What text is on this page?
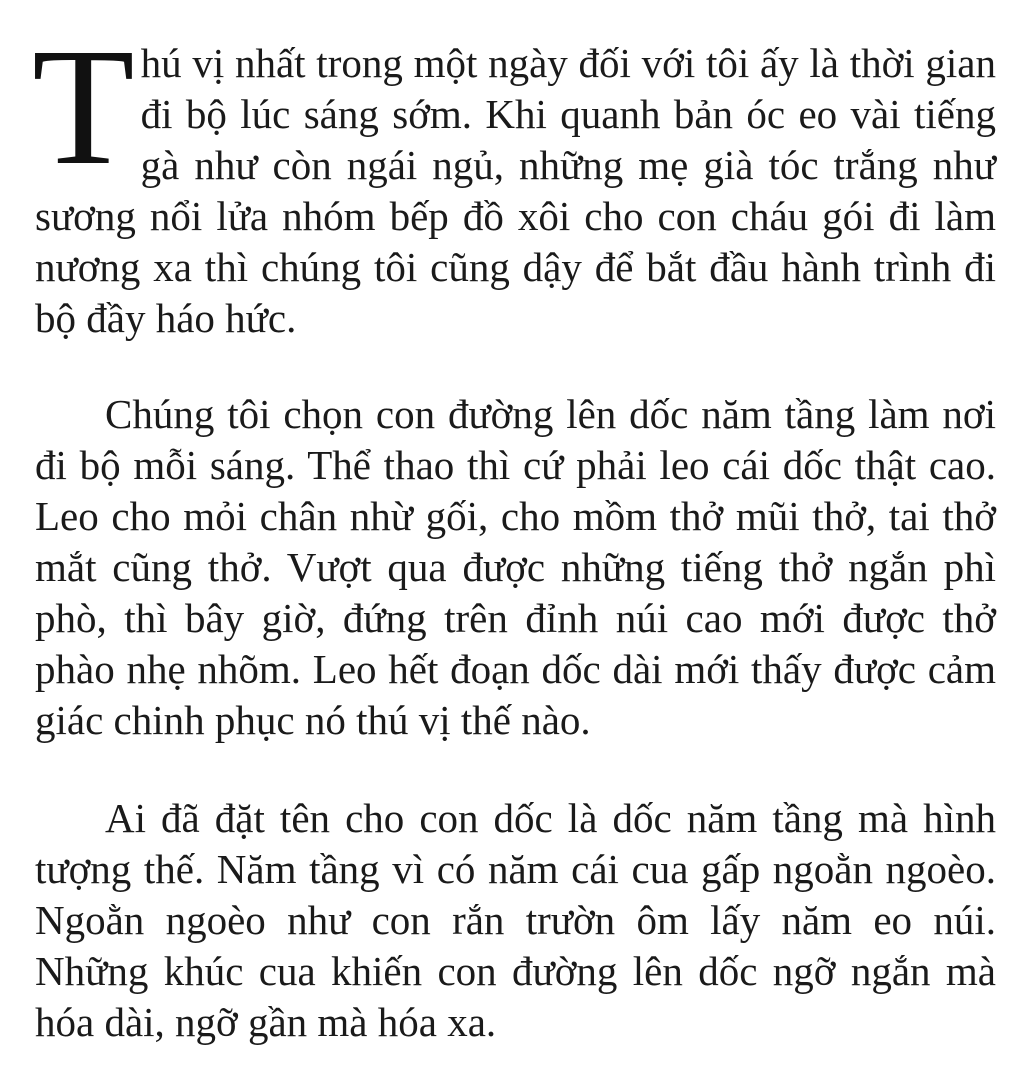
Thú vị nhất trong một ngày đối với tôi ấy là thời gian đi bộ lúc sáng sớm. Khi quanh bản óc eo vài tiếng gà như còn ngái ngủ, những mẹ già tóc trắng như sương nổi lửa nhóm bếp đồ xôi cho con cháu gói đi làm nương xa thì chúng tôi cũng dậy để bắt đầu hành trình đi bộ đầy háo hức.

Chúng tôi chọn con đường lên dốc năm tầng làm nơi đi bộ mỗi sáng. Thể thao thì cứ phải leo cái dốc thật cao. Leo cho mỏi chân nhừ gối, cho mồm thở mũi thở, tai thở mắt cũng thở. Vượt qua được những tiếng thở ngắn phì phò, thì bây giờ, đứng trên đỉnh núi cao mới được thở phào nhẹ nhõm. Leo hết đoạn dốc dài mới thấy được cảm giác chinh phục nó thú vị thế nào.

Ai đã đặt tên cho con dốc là dốc năm tầng mà hình tượng thế. Năm tầng vì có năm cái cua gấp ngoằn ngoèo. Ngoằn ngoèo như con rắn trườn ôm lấy năm eo núi. Những khúc cua khiến con đường lên dốc ngỡ ngắn mà hóa dài, ngỡ gần mà hóa xa.
